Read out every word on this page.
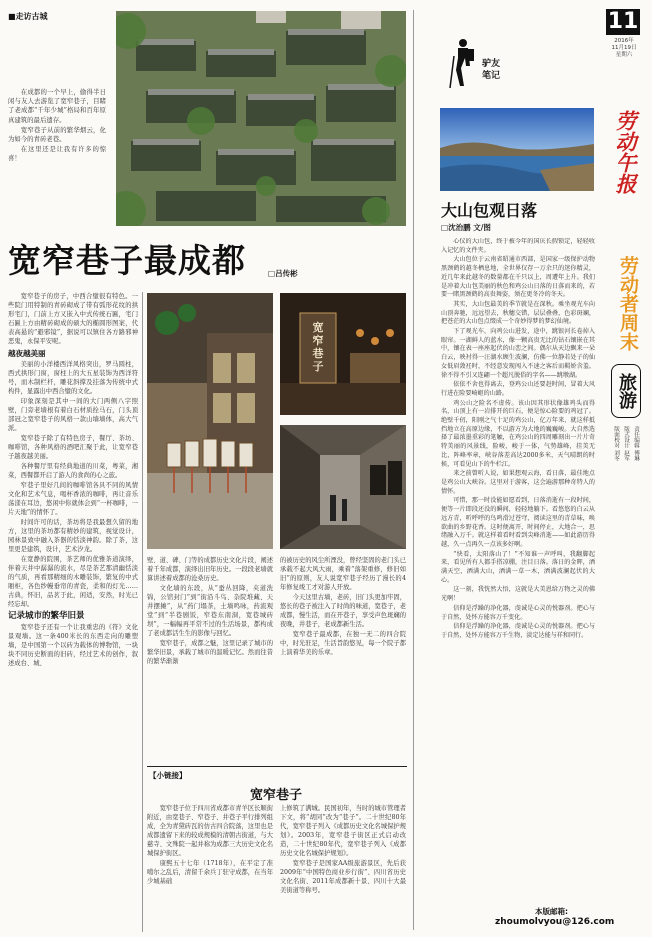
■走访古城

在成都的一个早上，偷得半日闲与友人去游览了宽窄巷子，目睹了老成都“千年少城”格局和百年原真建筑的最后遗存。

宽窄巷子从前的繁华烟云，化为如今的青砖老巷。

在这里还是让我有许多的惊喜！

宽窄巷子最成都	□吕传彬

宽窄巷子的房子，中西合璧很有特色。一些院门用特制的青砖砌成了带有弧形花纹的拱形宅门，门前上方又嵌入中式传统石匾，宅门石匾上方由精砖砌成的硕大的椭圆形图案，代表高悬的“避邪镜”，据说可以镇住各方路邪神恶鬼，永保平安呢。

越夜越美丽

美丽的小洋楼西洋风格突出，罗马圆柱，西式拱形门窗，窗柱上的大五星装饰为西洋符号，而木制栏杆，雕花斜撑及挂落为传统中式构件，显露出中西合璧的文化。

印象深刻是其中一间的大门两侧八字照壁，门旁老墙根有着白石材质拴马石，门头顶部冠之宽窄巷子的风格一款山墙墙体，高大气派。

宽窄巷子除了有特色房子，餐厅、茶坊、咖啡馆，各种风格的酒吧汇聚于此，让宽窄巷子越夜越美丽。

各种餐厅里有经典地道的川菜，粤菜，湘菜，西餐都开启了游人的食尚的心之旅。

窄巷子里好几间的咖啡馆各具不同的风情文化和艺术气息，喝杯香浓的咖啡，再让音乐荡漾在耳边，悠闲中你就体会到“一杯咖啡，一片天地”的情怀了。

时间许可的话，茶坊将是我最想久留的地方，这里的茶坊都有精妙的建筑，视觉设计，园林景致中融入茶器的恬淡神韵。除了茶，这里更是建筑，设计，艺术汐龙。

在宽静的院围，茶艺师的优雅茶道演绎，伴着天井中潺潺的流水，尽是茶艺那清幽恬淡的气质，再看那精细的木雕装饰，繁复的中式厢柜，各色纱幔垂帘的青瓷，柔和的灯光……古典，怀旧，品茗于此，闲适，安然，时光已经忘却。

记录城市的繁华旧景

宽窄巷子还有一个让我重忠的《符》文化景观墙。这一条400米长的东西走向的雕塑墙，是中国第一个以砖为载体的博物馆，一块块不同历史断面的旧砖，经过艺术的创作，叙述成台、城、

宽窄巷子

壁、道、碑、门等的成都历史文化片段，阐述着千年成都，演绎出旧年历史。一段段老墙就算讲述着成都的沧桑历史。

文化墙的东段，从“蚕丛回降，夹道洗锦，公馆封门”到“街沿斗鸟、杂院堆藏、天井摆摊”，从“药门塌茶，土墙鸣咏，药流观堂”到“半巷剧饭，窄巷东南洞，宽巷城砖坝”，一幅幅再平常不过的生活场景，都构成了老成都活生生的影像与回忆。

宽窄巷子，成都之魅，这里记录了城市的繁华旧景，承载了城市的温暖记忆。然而往昔的繁华渐渐

的被历史的风尘所湮没，曾经坚固的老门头已承载不起大风大雨，乘着“落架重修，修旧如旧”的原则，友人说宽窄巷子经历了漫长的4年修复竣工才对游人开放。

今天这里古墙，老砖，旧门头更加牢固，悠长的巷子被注入了时尚的味道，宽巷子，老成都，慢生活，而在开巷子，享受声色斑斓的夜晚，井巷子，老成都新生活。

宽窄巷子最成都，在独一无二的四合院中，时光驻足，生活旨韵悠见，每一个院子都上演着华美的乐章。

【小链接】
宽窄巷子

宽窄巷子位于四川省成都市青羊区长顺街附近，由宽巷子、窄巷子、井巷子平行排列组成，全为青黛砖瓦的仿古四合院落，这里也是成都遗留下来的较成规模的清朝古街道，与大慈寺、文殊院一起并称为成都三大历史文化名城保护街区。

康熙五十七年（1718年），在平定了准噶尔之乱后，清留千余兵丁驻守成都，在当年少城基础

上修筑了满城。民国初年，当时的城市管理者下文，将“胡同”改为“巷子”。二十世纪80年代，宽窄巷子列入《成都历史文化名城保护规划》。2003年，宽窄巷子街区正式启动改造，二十世纪80年代，宽窄巷子列入《成都历史文化名城保护规划》。

宽窄巷子是国家AA级旅游景区，先后获2009年“中国特色商业步行街”、四川省历史文化名街、2011年成都新十景、四川十大最美街道等称号。

驴友
笔记
大山包观日落
□沈治鹏 文/图

心仪的大山包，终于被今年的国庆长假锁定，轻轻收入记忆的文件夹。

大山包位于云南省昭通市西部，是国家一级保护动物黑颈鹤的越冬栖息地，全世界仅存一万余只的迷你精灵，近几年来此越冬的数量都在千只以上，周遭年上升。我们是冲着大山包美丽的秋色和鸡公山日落的日落而来的，若要一睹黑颈鹤的高贵舞姿，须在更冬冷的冬天。

其实，大山包最美的季节就是在深秋。乘坐观光车向山顶奔驰，远远望去，秋穗交错，层层叠叠，色彩斑斓，把苍茫的大山包点缀成一个奇妙得梦的梦幻仙境。

下了观光车，向鸡公山进发，途中，跳银河长卷掉入眼帘。一湖鲜人的蓝水，像一颗高贵无比的钻石镶嵌在其中，镶在表一座座起伏的山峦之间。偶尔从天边飘来一朵白云，映衬得一汪湖水顾生波澜，仿佛一位静若处子的仙女低眉敛衽时，不经意发现闯入不速之客后而羁娇含羞。徐不得不引又连翩一个超凡脱俗的字名——跳墩湖。

依依不舍也得离去，登鸡公山还要赶时间，冒着大风行进在险要崎岖的山路。

鸡公山之险名不虚传。该山因其形状像雄鸡头而得名，山顶上有一岩排开的巨石，便是惊心险要的鸡冠了。绝壁千仞，阳刚之气十足的鸡公山，亿万年来，就这样抵挡地立在高原边缘，不以游方为大地的巍巍峻。大自然选择了最浓墨重彩的笔触，在鸡公山的四周雕刻出一片片奇特美丽的风景线，险峻，峻于一体，气势雄峰，挂美无比，阵峰率章，峡谷落差高达2000多米，天气晴朗的时候，可看见山下的牛栏江。

来之前曾听人说，如果想观云海，看日落，最佳地点是鸡公山大峡谷。这里对于游客，这会遍游那种奇特人的情怀。

可惜，那一时没能如愿看到，日落消逝有一段时间，便等一片即段还没的瞬间，轻轻地躺下。看悠悠的白云从远方青，听呼呼的鸟鸣滑过苍穹，阅读这里的青草味，唤欲曲的乡野花香。这时便离开，时间停止，大地合一，思绪融入万千。就这样着看时看到尖峰消逝——如此游历得越，久一点再久一点该多好啊。

“快看，太阳落山了！”不知谁一声呼叫，我翻脚起来，看见所有人都手搭凉棚，注目日落。落日的金晖，洒满天空，洒满大山，洒满一草一木，洒满波澜起伏的大心。

这一刻，我恍然大悟，这就是大美恩给万物之灵的佛光啊！

信仰是浮躁的净化器，虔诚是心灵的悦器剂。把心与于自然，处怀方能容万千变化。

信仰是浮躁的净化器，虔诚是心灵的悦器剂。把心与于自然，处怀方能容万千生物，淡定达能与祥和同行。

本版邮箱:
zhoumolvyou@126.com
11
2016年
11月19日
星期六
劳动午报
劳动者周末
旅游
责任编辑 傅琳
版式设计 赵军
版面校对 刘冬
